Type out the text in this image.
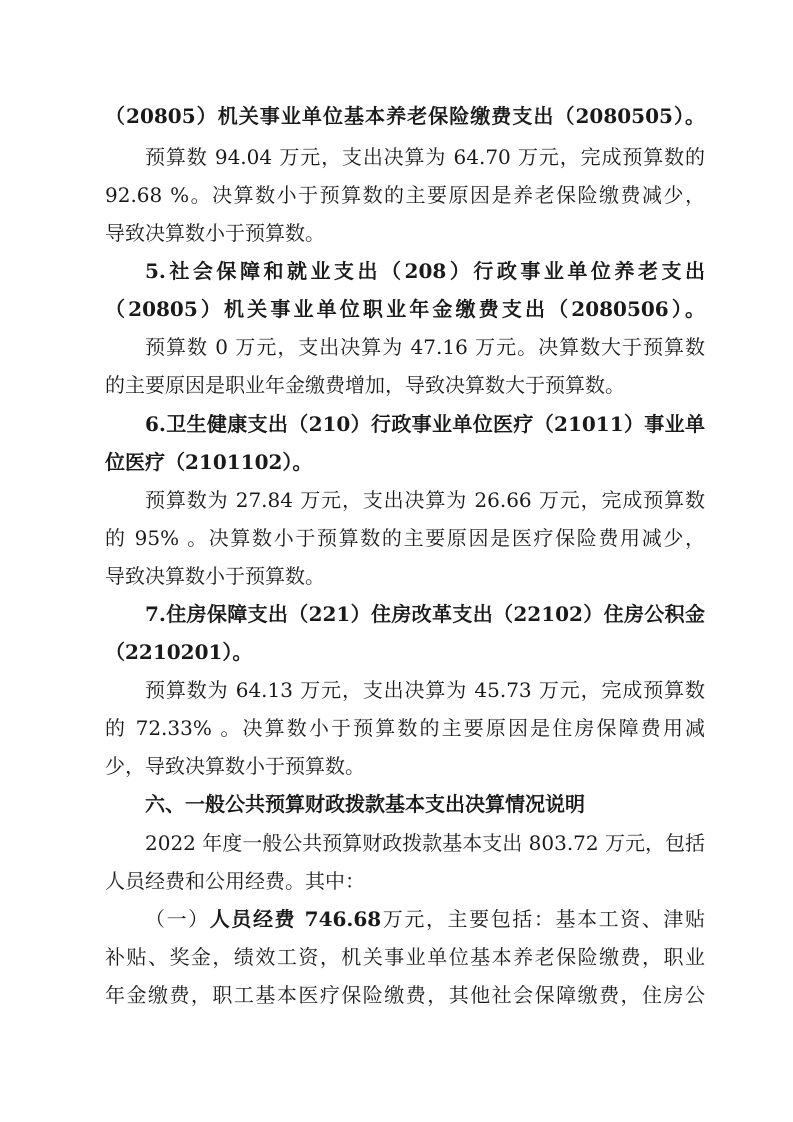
（20805）机关事业单位基本养老保险缴费支出（2080505）。
预算数 94.04 万元，支出决算为 64.70 万元，完成预算数的
92.68 %。决算数小于预算数的主要原因是养老保险缴费减少，
导致决算数小于预算数。
5.社会保障和就业支出（208）行政事业单位养老支出
（20805）机关事业单位职业年金缴费支出（2080506）。
预算数 0 万元，支出决算为 47.16 万元。决算数大于预算数
的主要原因是职业年金缴费增加，导致决算数大于预算数。
6.卫生健康支出（210）行政事业单位医疗（21011）事业单
位医疗（2101102）。
预算数为 27.84 万元，支出决算为 26.66 万元，完成预算数
的 95% 。决算数小于预算数的主要原因是医疗保险费用减少，
导致决算数小于预算数。
7.住房保障支出（221）住房改革支出（22102）住房公积金
（2210201）。
预算数为 64.13 万元，支出决算为 45.73 万元，完成预算数
的 72.33% 。决算数小于预算数的主要原因是住房保障费用减
少，导致决算数小于预算数。
六、一般公共预算财政拨款基本支出决算情况说明
2022 年度一般公共预算财政拨款基本支出 803.72 万元，包括
人员经费和公用经费。其中：
（一）人员经费 746.68万元，主要包括：基本工资、津贴
补贴、奖金，绩效工资，机关事业单位基本养老保险缴费，职业
年金缴费，职工基本医疗保险缴费，其他社会保障缴费，住房公
